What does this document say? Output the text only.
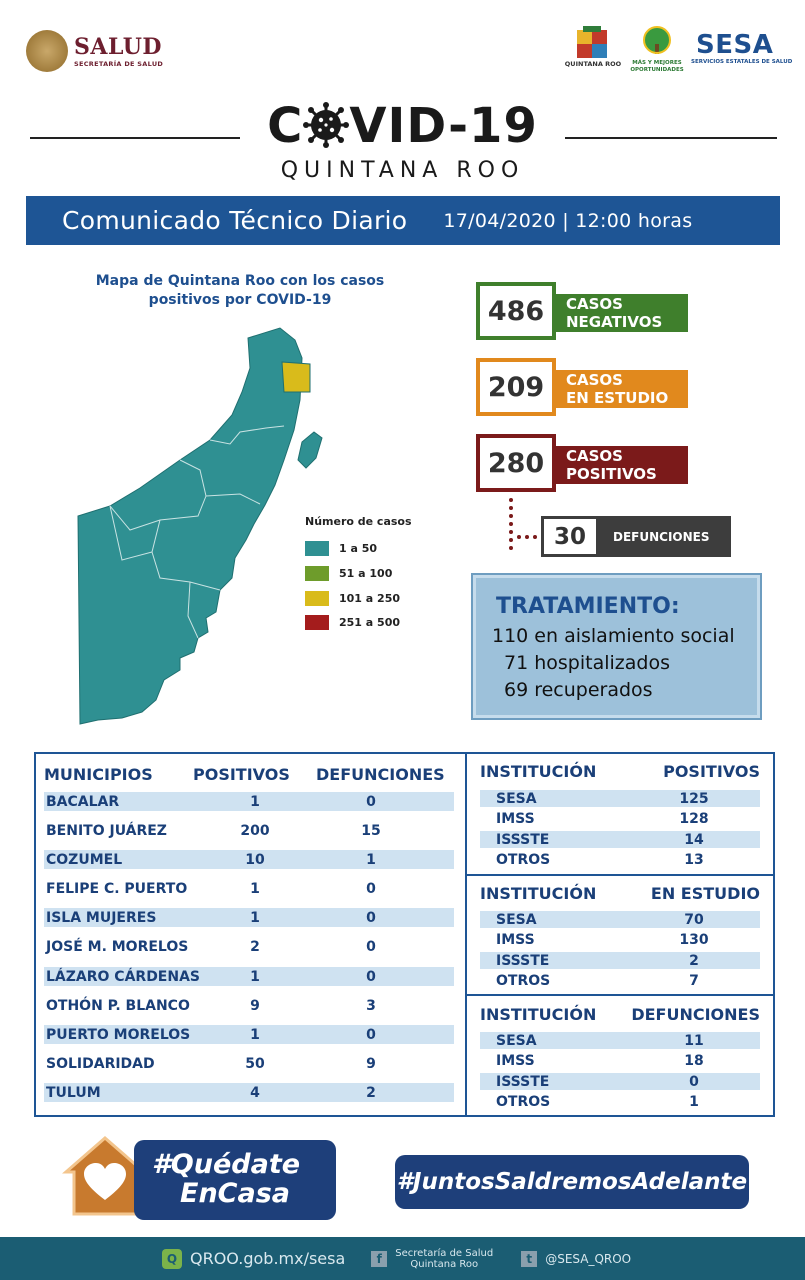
SALUD
SECRETARÍA DE SALUD	QUINTANA ROO	MÁS Y MEJORES OPORTUNIDADES
SESA
SERVICIOS ESTATALES DE SALUD
C VID-19
QUINTANA ROO
Comunicado Técnico Diario 17/04/2020 | 12:00 horas
Mapa de Quintana Roo con los casos positivos por COVID-19
Número de casos
1 a 50
51 a 100
101 a 250
251 a 500
486	CASOS
NEGATIVOS
209	CASOS
EN ESTUDIO
280	CASOS
POSITIVOS
30	DEFUNCIONES
TRATAMIENTO:
110 en aislamiento social
71 hospitalizados
69 recuperados
MUNICIPIOS	POSITIVOS DEFUNCIONES
BACALAR	1	0
BENITO JUÁREZ	200	15
COZUMEL	10	1
FELIPE C. PUERTO	1	0
ISLA MUJERES	1	0
JOSÉ M. MORELOS	2	0
LÁZARO CÁRDENAS	1	0
OTHÓN P. BLANCO	9	3
PUERTO MORELOS	1	0
SOLIDARIDAD	50	9
TULUM	4	2
INSTITUCIÓN	POSITIVOS
SESA	125
IMSS	128
ISSSTE	14
OTROS	13
INSTITUCIÓN	EN ESTUDIO
SESA	70
IMSS	130
ISSSTE	2
OTROS	7
INSTITUCIÓN DEFUNCIONES
SESA	11
IMSS	18
ISSSTE	0
OTROS	1
#Quédate
EnCasa	#JuntosSaldremosAdelante
Q QROO.gob.mx/sesa	f	Secretaría de Salud
Quintana Roo	t	@SESA_QROO
